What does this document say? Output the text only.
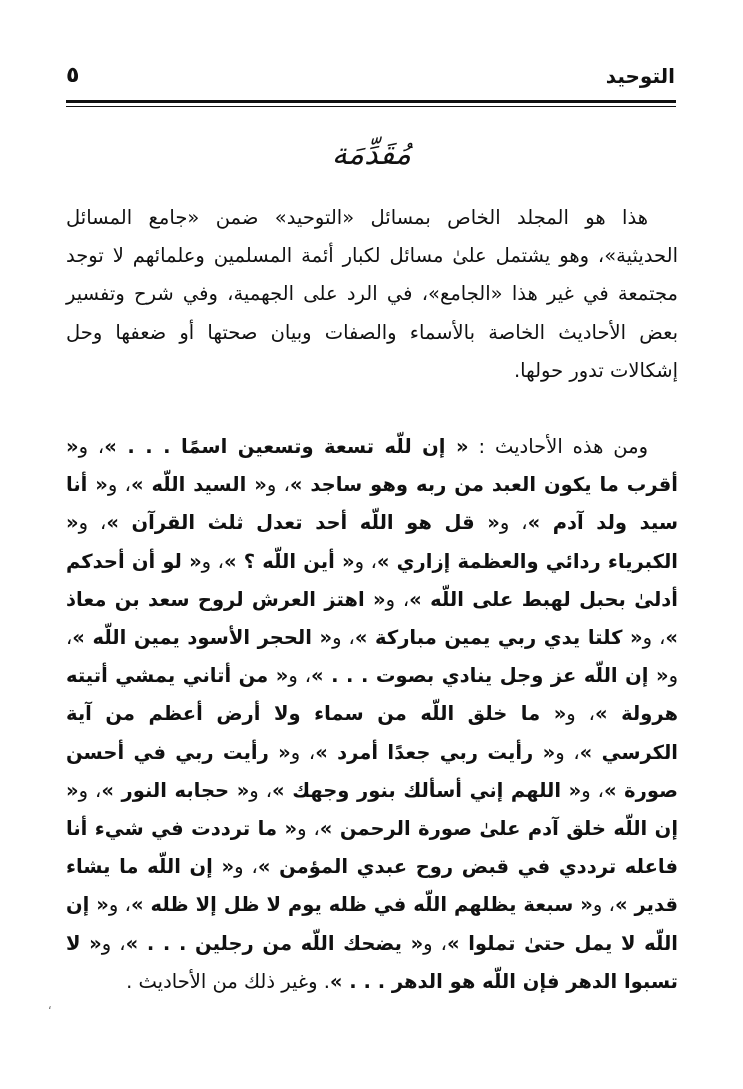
٥	التوحيد
مُقَدِّمَة

هذا هو المجلد الخاص بمسائل «التوحيد» ضمن «جامع المسائل الحديثية»، وهو يشتمل علىٰ مسائل لكبار أئمة المسلمين وعلمائهم لا توجد مجتمعة في غير هذا «الجامع»، في الرد على الجهمية، وفي شرح وتفسير بعض الأحاديث الخاصة بالأسماء والصفات وبيان صحتها أو ضعفها وحل إشكالات تدور حولها.

ومن هذه الأحاديث : « إن للّه تسعة وتسعين اسمًا . . . »، و« أقرب ما يكون العبد من ربه وهو ساجد »، و« السيد اللّه »، و« أنا سيد ولد آدم »، و« قل هو اللّه أحد تعدل ثلث القرآن »، و« الكبرياء ردائي والعظمة إزاري »، و« أين اللّه ؟ »، و« لو أن أحدكم أدلىٰ بحبل لهبط على اللّه »، و« اهتز العرش لروح سعد بن معاذ »، و« كلتا يدي ربي يمين مباركة »، و« الحجر الأسود يمين اللّه »، و« إن اللّه عز وجل ينادي بصوت . . . »، و« من أتاني يمشي أتيته هرولة »، و« ما خلق اللّه من سماء ولا أرض أعظم من آية الكرسي »، و« رأيت ربي جعدًا أمرد »، و« رأيت ربي في أحسن صورة »، و« اللهم إني أسألك بنور وجهك »، و« حجابه النور »، و« إن اللّه خلق آدم علىٰ صورة الرحمن »، و« ما ترددت في شيء أنا فاعله ترددي في قبض روح عبدي المؤمن »، و« إن اللّه ما يشاء قدير »، و« سبعة يظلهم اللّه في ظله يوم لا ظل إلا ظله »، و« إن اللّه لا يمل حتىٰ تملوا »، و« يضحك اللّه من رجلين . . . »، و« لا تسبوا الدهر فإن اللّه هو الدهر . . . ». وغير ذلك من الأحاديث .

‘
